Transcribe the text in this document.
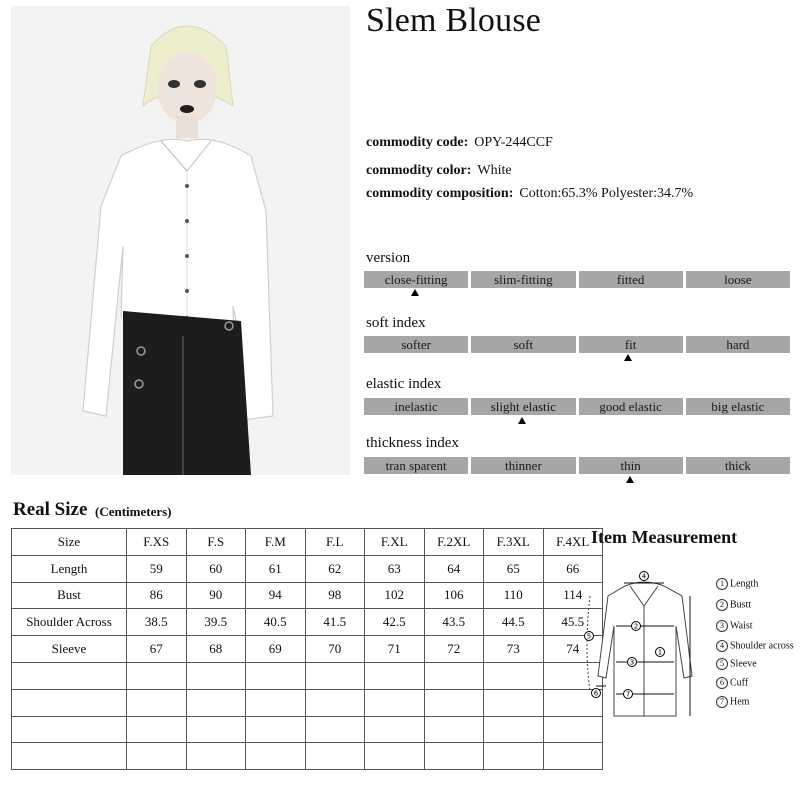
Slem Blouse
commodity code: OPY-244CCF
commodity color: White
commodity composition: Cotton:65.3% Polyester:34.7%
version
close-fitting	slim-fitting	fitted	loose
soft index
softer	soft	fit	hard
elastic index
inelastic	slight elastic	good elastic	big elastic
thickness index
tran sparent	thinner	thin	thick
Real Size (Centimeters)
Size	F.XS	F.S	F.M	F.L	F.XL	F.2XL	F.3XL	F.4XL
Length	59	60	61	62	63	64	65	66
Bust	86	90	94	98	102	106	110	114
Shoulder Across	38.5	39.5	40.5	41.5	42.5	43.5	44.5	45.5
Sleeve	67	68	69	70	71	72	73	74

Item Measurement
4
2
3
7
1
5
6
1 Length
2 Bustt
3 Waist
4 Shoulder across
5 Sleeve
6 Cuff
7 Hem
